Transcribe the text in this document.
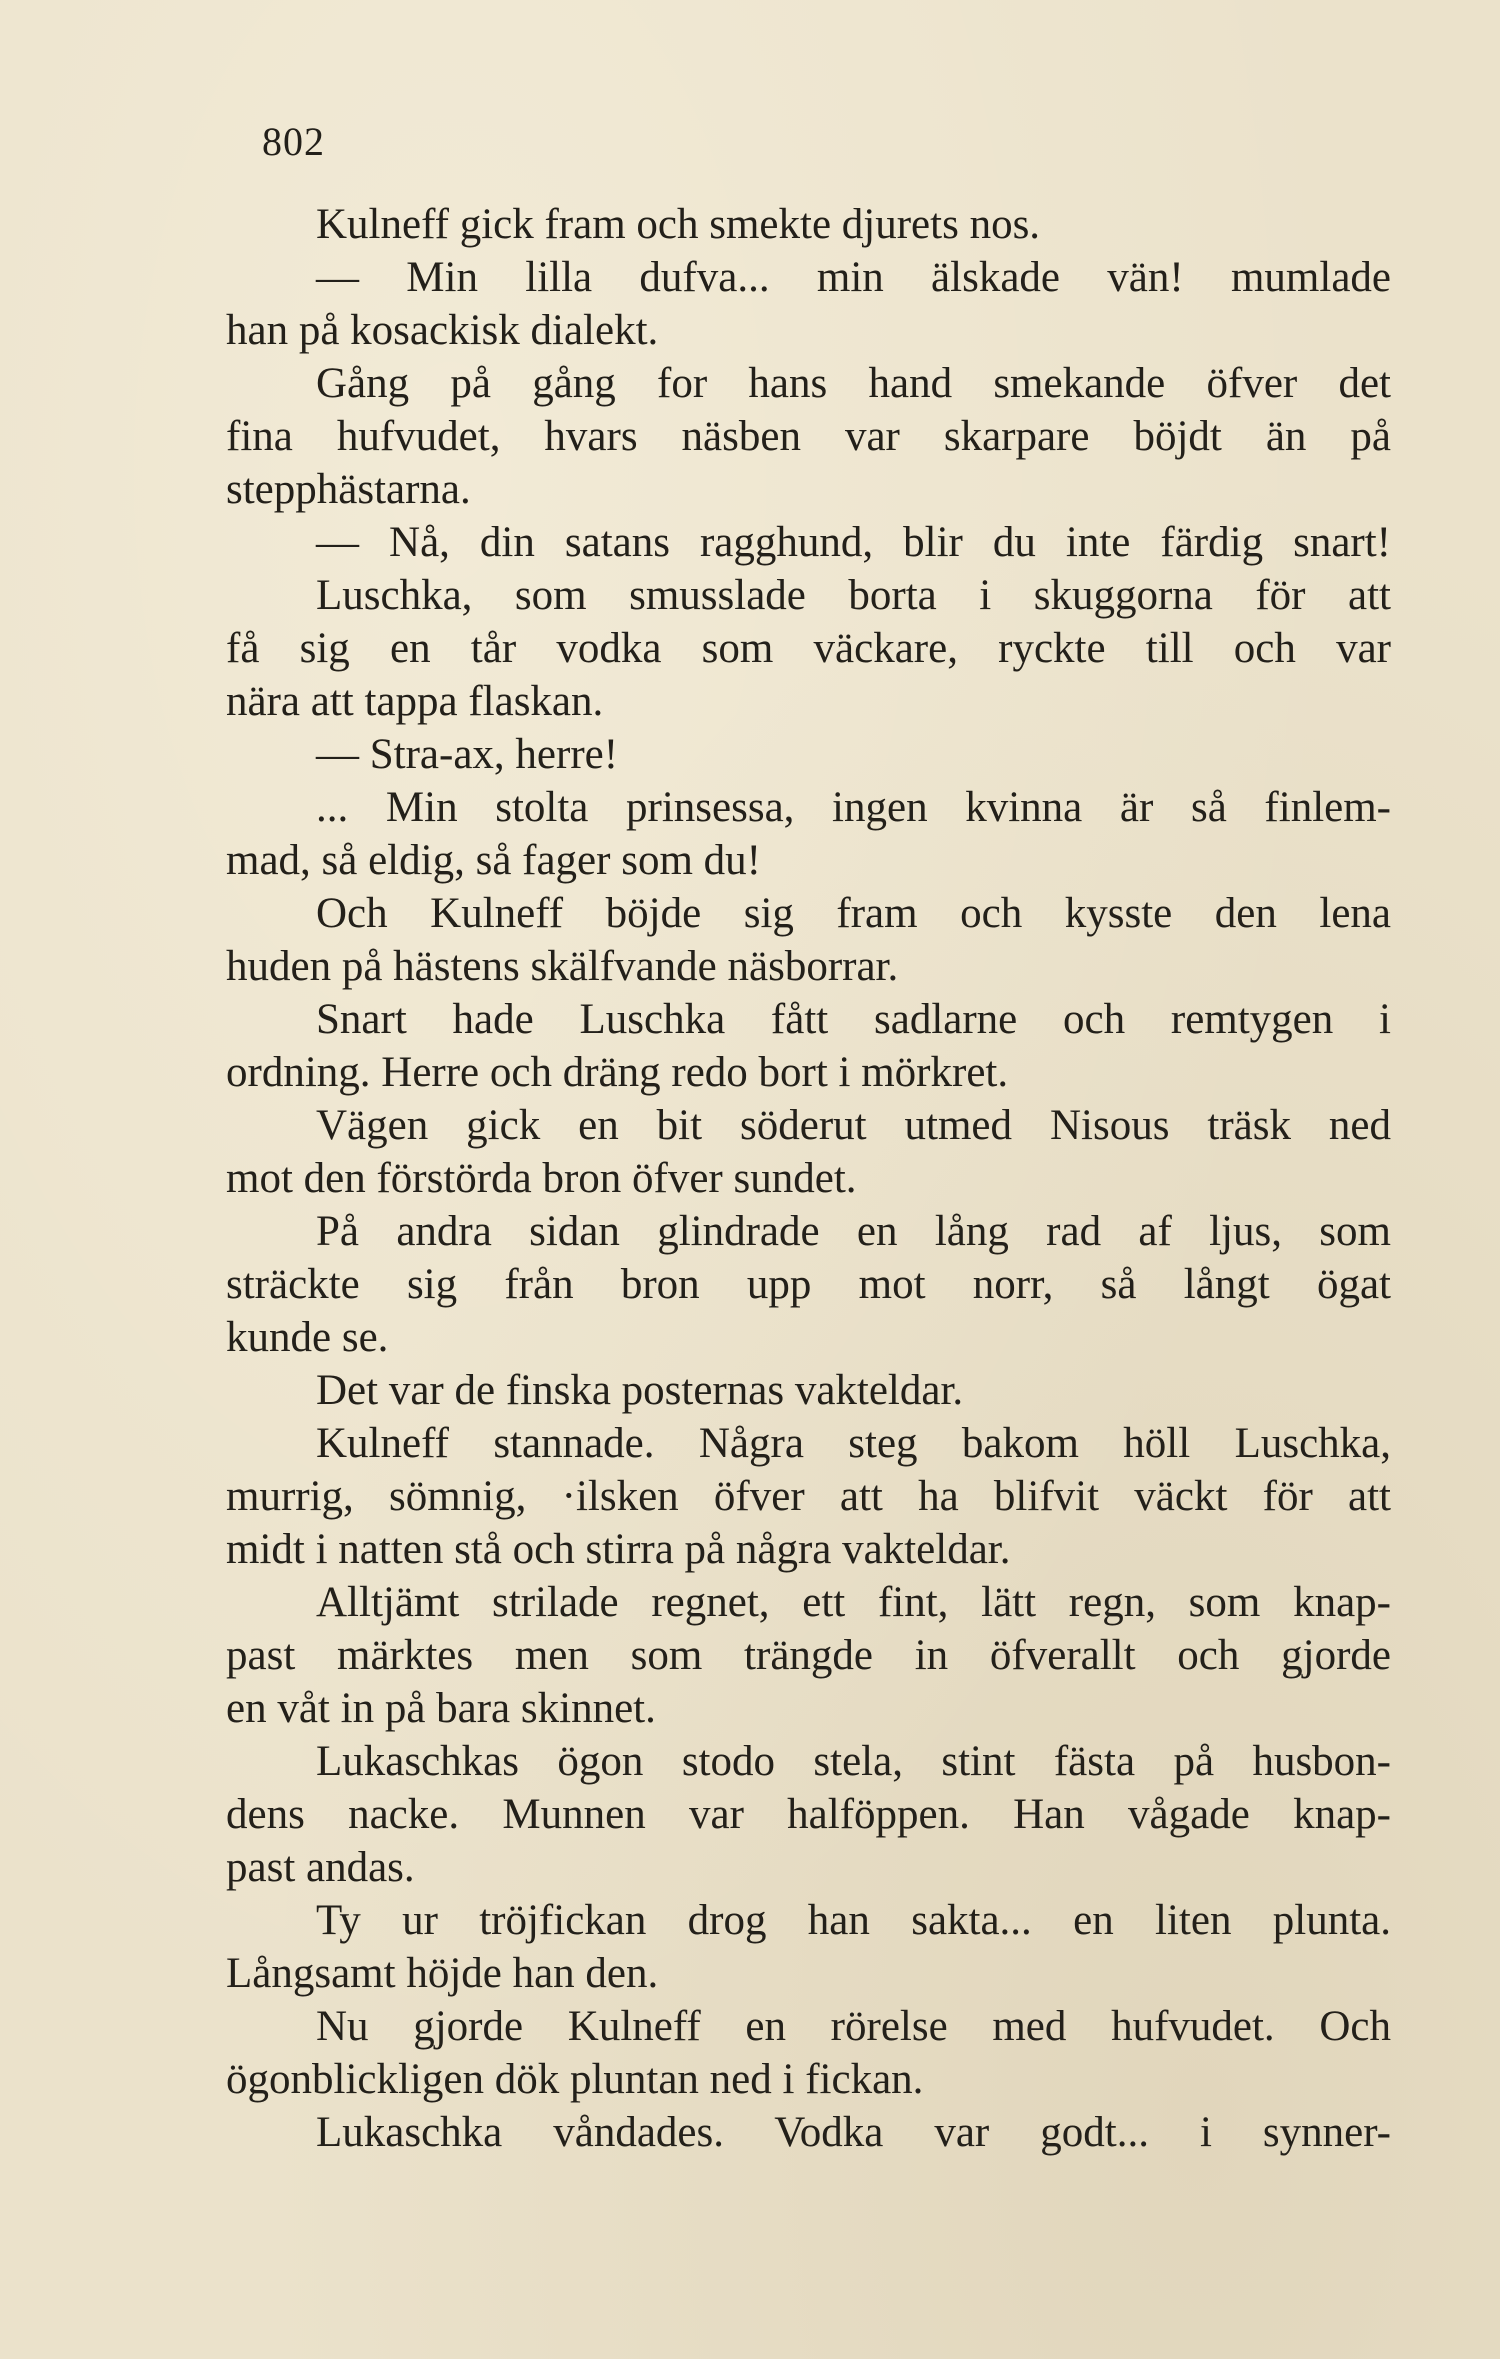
802
Kulneff gick fram och smekte djurets nos.
— Min lilla dufva... min älskade vän! mumlade
han på kosackisk dialekt.
Gång på gång for hans hand smekande öfver det
fina hufvudet, hvars näsben var skarpare böjdt än på
stepphästarna.
— Nå, din satans ragghund, blir du inte färdig snart!
Luschka, som smusslade borta i skuggorna för att
få sig en tår vodka som väckare, ryckte till och var
nära att tappa flaskan.
— Stra-ax, herre!
... Min stolta prinsessa, ingen kvinna är så finlem-
mad, så eldig, så fager som du!
Och Kulneff böjde sig fram och kysste den lena
huden på hästens skälfvande näsborrar.
Snart hade Luschka fått sadlarne och remtygen i
ordning. Herre och dräng redo bort i mörkret.
Vägen gick en bit söderut utmed Nisous träsk ned
mot den förstörda bron öfver sundet.
På andra sidan glindrade en lång rad af ljus, som
sträckte sig från bron upp mot norr, så långt ögat
kunde se.
Det var de finska posternas vakteldar.
Kulneff stannade. Några steg bakom höll Luschka,
murrig, sömnig, ·ilsken öfver att ha blifvit väckt för att
midt i natten stå och stirra på några vakteldar.
Alltjämt strilade regnet, ett fint, lätt regn, som knap-
past märktes men som trängde in öfverallt och gjorde
en våt in på bara skinnet.
Lukaschkas ögon stodo stela, stint fästa på husbon-
dens nacke. Munnen var halföppen. Han vågade knap-
past andas.
Ty ur tröjfickan drog han sakta... en liten plunta.
Långsamt höjde han den.
Nu gjorde Kulneff en rörelse med hufvudet. Och
ögonblickligen dök pluntan ned i fickan.
Lukaschka våndades. Vodka var godt... i synner-
